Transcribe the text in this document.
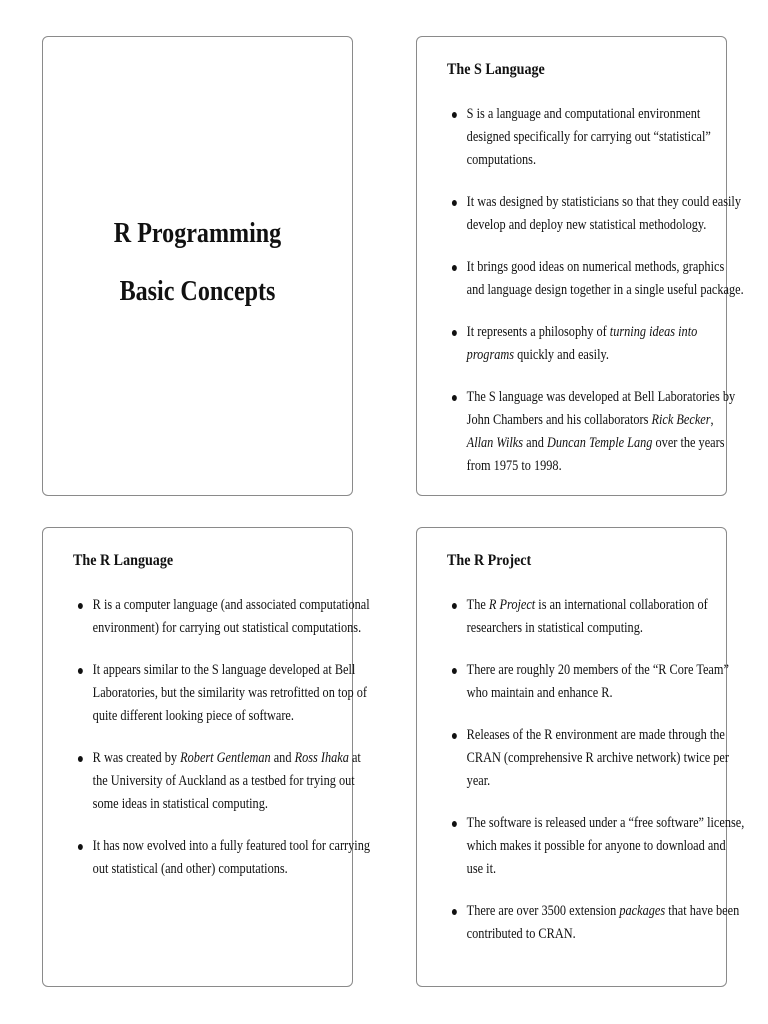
R Programming
Basic Concepts
The S Language
S is a language and computational environment
designed specifically for carrying out “statistical”
computations.
It was designed by statisticians so that they could easily
develop and deploy new statistical methodology.
It brings good ideas on numerical methods, graphics
and language design together in a single useful package.
It represents a philosophy of turning ideas into
programs quickly and easily.
The S language was developed at Bell Laboratories by
John Chambers and his collaborators Rick Becker,
Allan Wilks and Duncan Temple Lang over the years
from 1975 to 1998.
The R Language
R is a computer language (and associated computational
environment) for carrying out statistical computations.
It appears similar to the S language developed at Bell
Laboratories, but the similarity was retrofitted on top of
quite different looking piece of software.
R was created by Robert Gentleman and Ross Ihaka at
the University of Auckland as a testbed for trying out
some ideas in statistical computing.
It has now evolved into a fully featured tool for carrying
out statistical (and other) computations.
The R Project
The R Project is an international collaboration of
researchers in statistical computing.
There are roughly 20 members of the “R Core Team”
who maintain and enhance R.
Releases of the R environment are made through the
CRAN (comprehensive R archive network) twice per
year.
The software is released under a “free software” license,
which makes it possible for anyone to download and
use it.
There are over 3500 extension packages that have been
contributed to CRAN.
